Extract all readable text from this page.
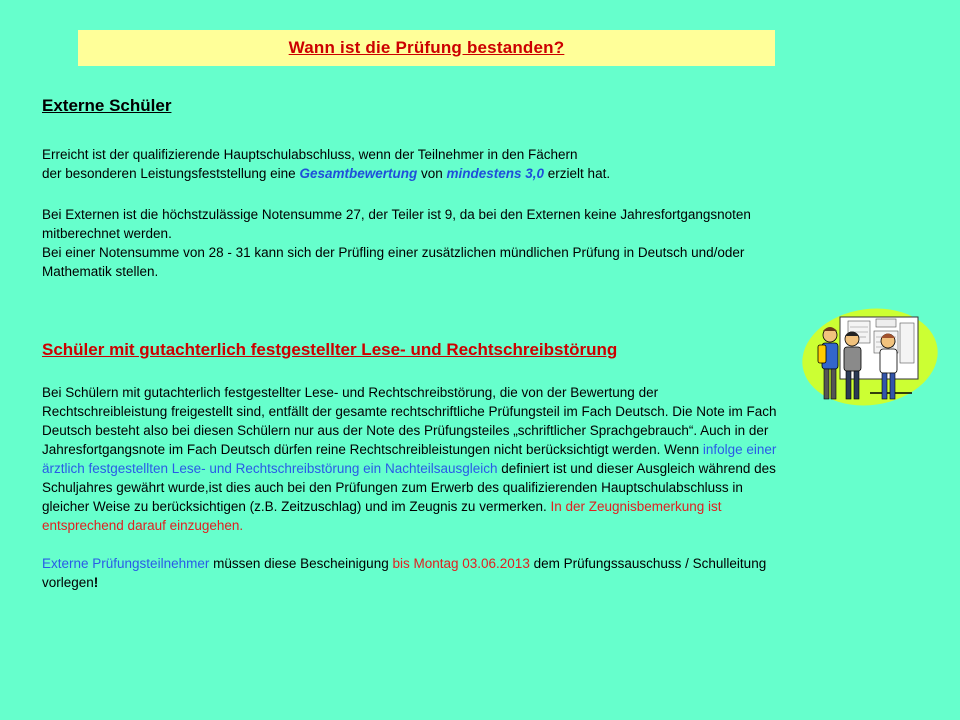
Wann ist die Prüfung bestanden?
Externe Schüler
Erreicht ist der qualifizierende Hauptschulabschluss, wenn der Teilnehmer in den Fächern
der besonderen Leistungsfeststellung eine Gesamtbewertung von mindestens 3,0 erzielt hat.
Bei Externen ist die höchstzulässige Notensumme 27, der Teiler ist 9, da bei den Externen keine Jahresfortgangsnoten
mitberechnet werden.
Bei einer Notensumme von 28 - 31 kann sich der Prüfling einer zusätzlichen mündlichen Prüfung in Deutsch und/oder
Mathematik stellen.
Schüler mit gutachterlich festgestellter Lese- und Rechtschreibstörung
Bei Schülern mit gutachterlich festgestellter Lese- und Rechtschreibstörung, die von der Bewertung der
Rechtschreibleistung freigestellt sind, entfällt der gesamte rechtschriftliche Prüfungsteil im Fach Deutsch. Die Note im Fach
Deutsch besteht also bei diesen Schülern nur aus der Note des Prüfungsteiles „schriftlicher Sprachgebrauch“. Auch in der
Jahresfortgangsnote im Fach Deutsch dürfen reine Rechtschreibleistungen nicht berücksichtigt werden. Wenn infolge einer
ärztlich festgestellten Lese- und Rechtschreibstörung ein Nachteilsausgleich definiert ist und dieser Ausgleich während des
Schuljahres gewährt wurde,ist dies auch bei den Prüfungen zum Erwerb des qualifizierenden Hauptschulabschluss in
gleicher Weise zu berücksichtigen (z.B. Zeitzuschlag) und im Zeugnis zu vermerken. In der Zeugnisbemerkung ist
entsprechend darauf einzugehen.
Externe Prüfungsteilnehmer müssen diese Bescheinigung bis Montag 03.06.2013 dem Prüfungssauschuss / Schulleitung
vorlegen!
